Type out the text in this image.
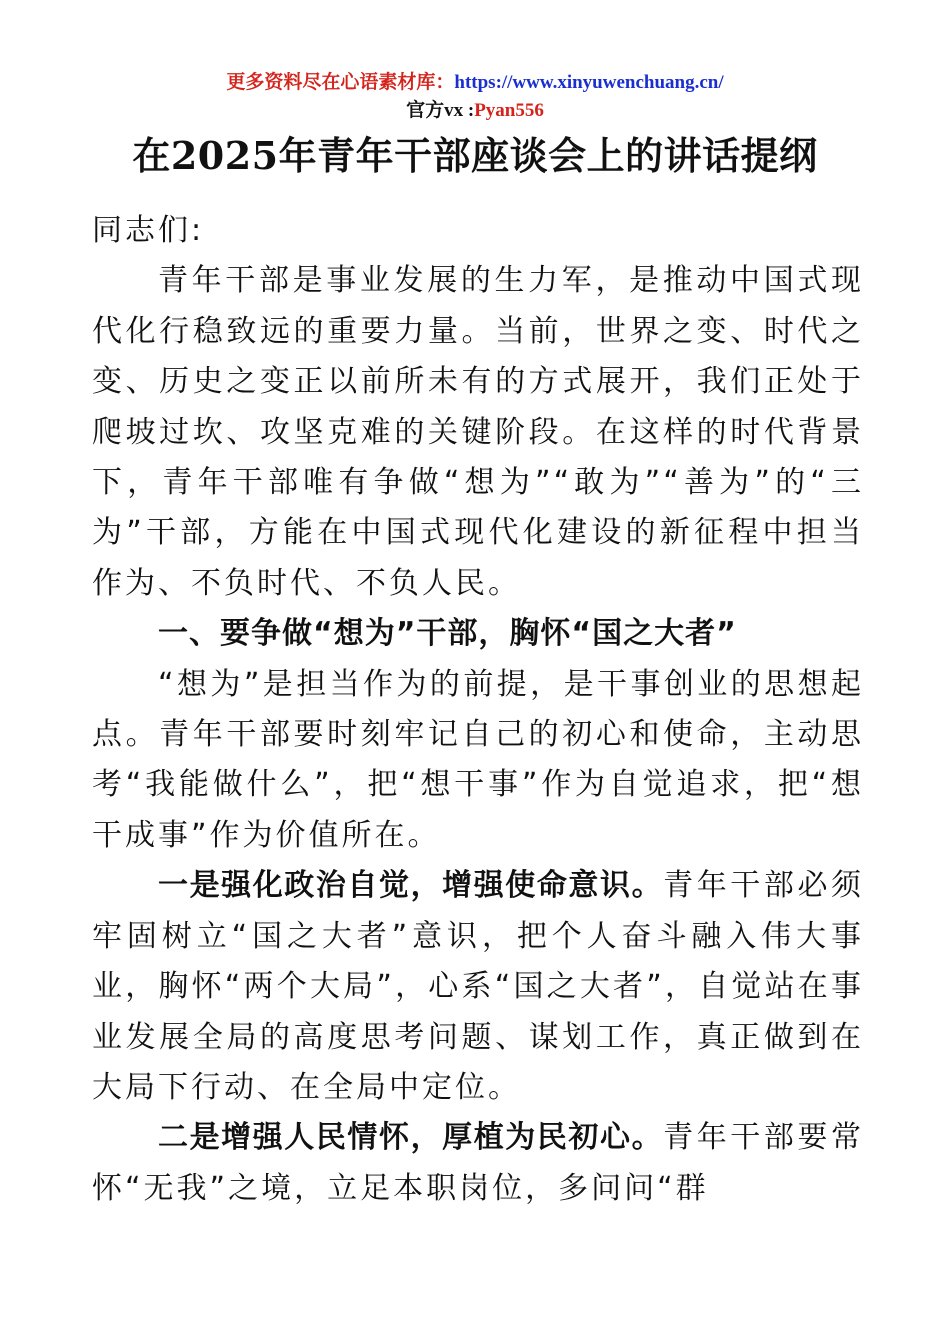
更多资料尽在心语素材库：https://www.xinyuwenchuang.cn/
官方vx :Pyan556
在2025年青年干部座谈会上的讲话提纲

同志们:

青年干部是事业发展的生力军，是推动中国式现代化行稳致远的重要力量。当前，世界之变、时代之变、历史之变正以前所未有的方式展开，我们正处于爬坡过坎、攻坚克难的关键阶段。在这样的时代背景下，青年干部唯有争做“想为”“敢为”“善为”的“三为”干部，方能在中国式现代化建设的新征程中担当作为、不负时代、不负人民。

一、要争做“想为”干部，胸怀“国之大者”

“想为”是担当作为的前提，是干事创业的思想起点。青年干部要时刻牢记自己的初心和使命，主动思考“我能做什么”，把“想干事”作为自觉追求，把“想干成事”作为价值所在。

一是强化政治自觉，增强使命意识。青年干部必须牢固树立“国之大者”意识，把个人奋斗融入伟大事业，胸怀“两个大局”，心系“国之大者”，自觉站在事业发展全局的高度思考问题、谋划工作，真正做到在大局下行动、在全局中定位。

二是增强人民情怀，厚植为民初心。青年干部要常怀“无我”之境，立足本职岗位，多问问“群
